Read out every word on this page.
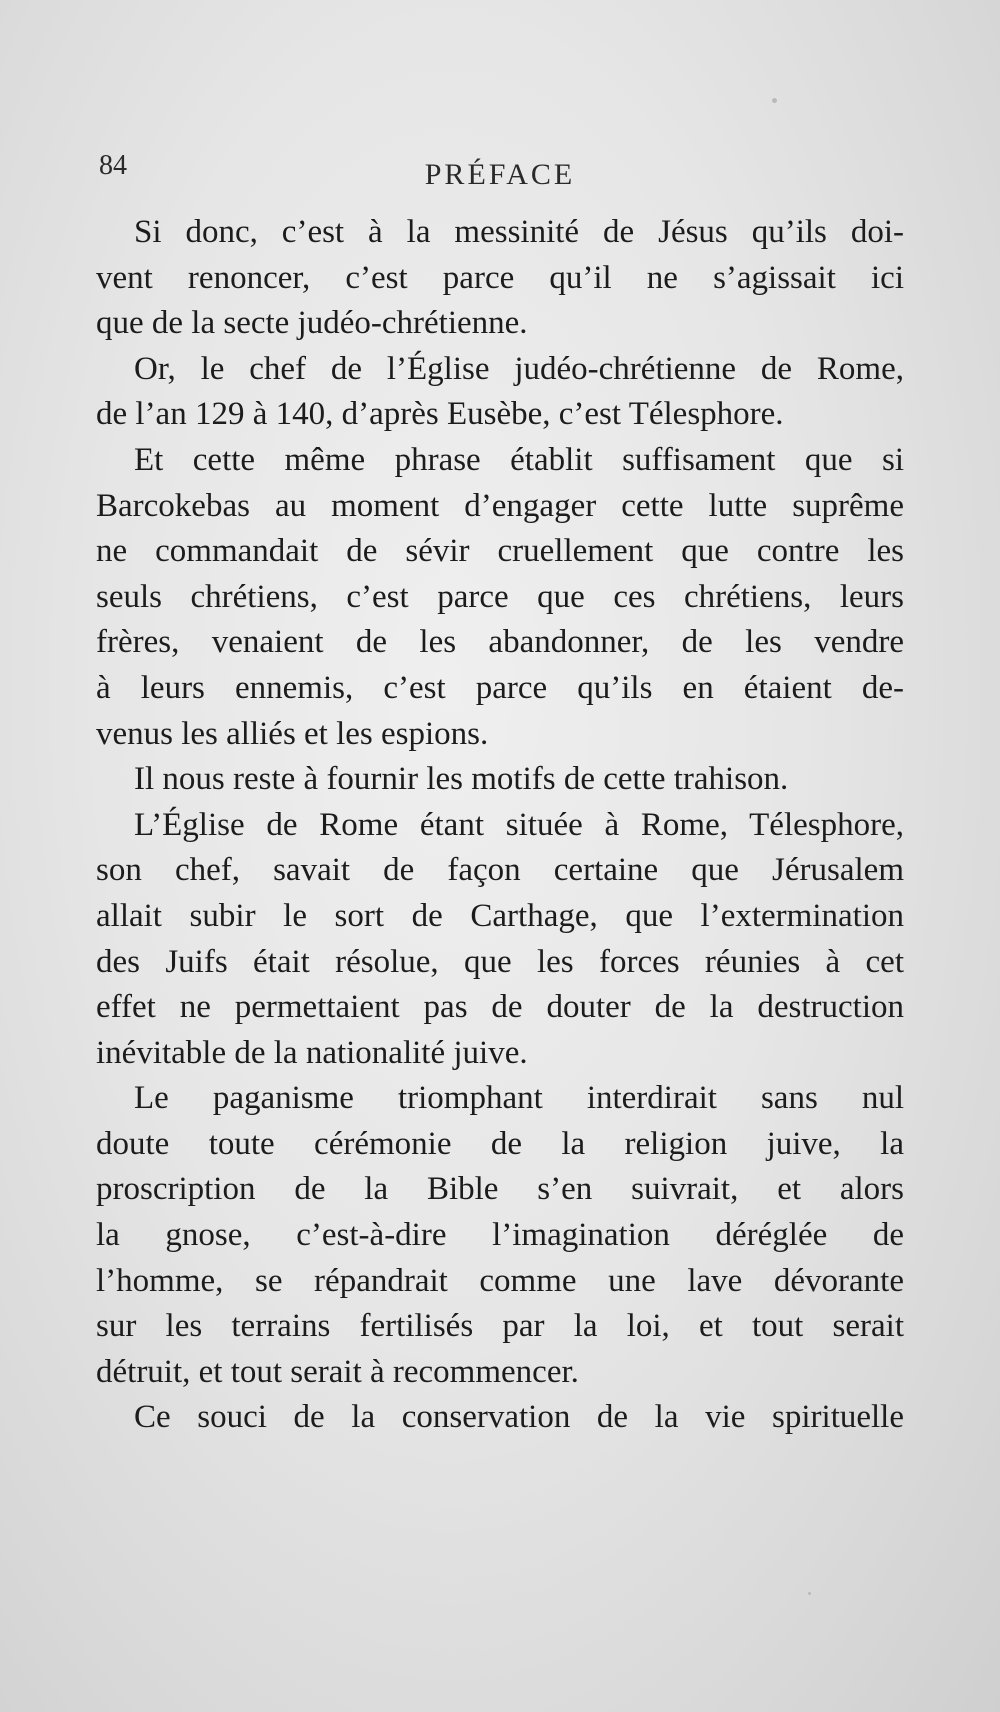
84	PRÉFACE
Si donc, c’est à la messinité de Jésus qu’ils doi-
vent renoncer, c’est parce qu’il ne s’agissait ici
que de la secte judéo-chrétienne.
Or, le chef de l’Église judéo-chrétienne de Rome,
de l’an 129 à 140, d’après Eusèbe, c’est Télesphore.
Et cette même phrase établit suffisament que si
Barcokebas au moment d’engager cette lutte suprême
ne commandait de sévir cruellement que contre les
seuls chrétiens, c’est parce que ces chrétiens, leurs
frères, venaient de les abandonner, de les vendre
à leurs ennemis, c’est parce qu’ils en étaient de-
venus les alliés et les espions.
Il nous reste à fournir les motifs de cette trahison.
L’Église de Rome étant située à Rome, Télesphore,
son chef, savait de façon certaine que Jérusalem
allait subir le sort de Carthage, que l’extermination
des Juifs était résolue, que les forces réunies à cet
effet ne permettaient pas de douter de la destruction
inévitable de la nationalité juive.
Le paganisme triomphant interdirait sans nul
doute toute cérémonie de la religion juive, la
proscription de la Bible s’en suivrait, et alors
la gnose, c’est-à-dire l’imagination déréglée de
l’homme, se répandrait comme une lave dévorante
sur les terrains fertilisés par la loi, et tout serait
détruit, et tout serait à recommencer.
Ce souci de la conservation de la vie spirituelle
